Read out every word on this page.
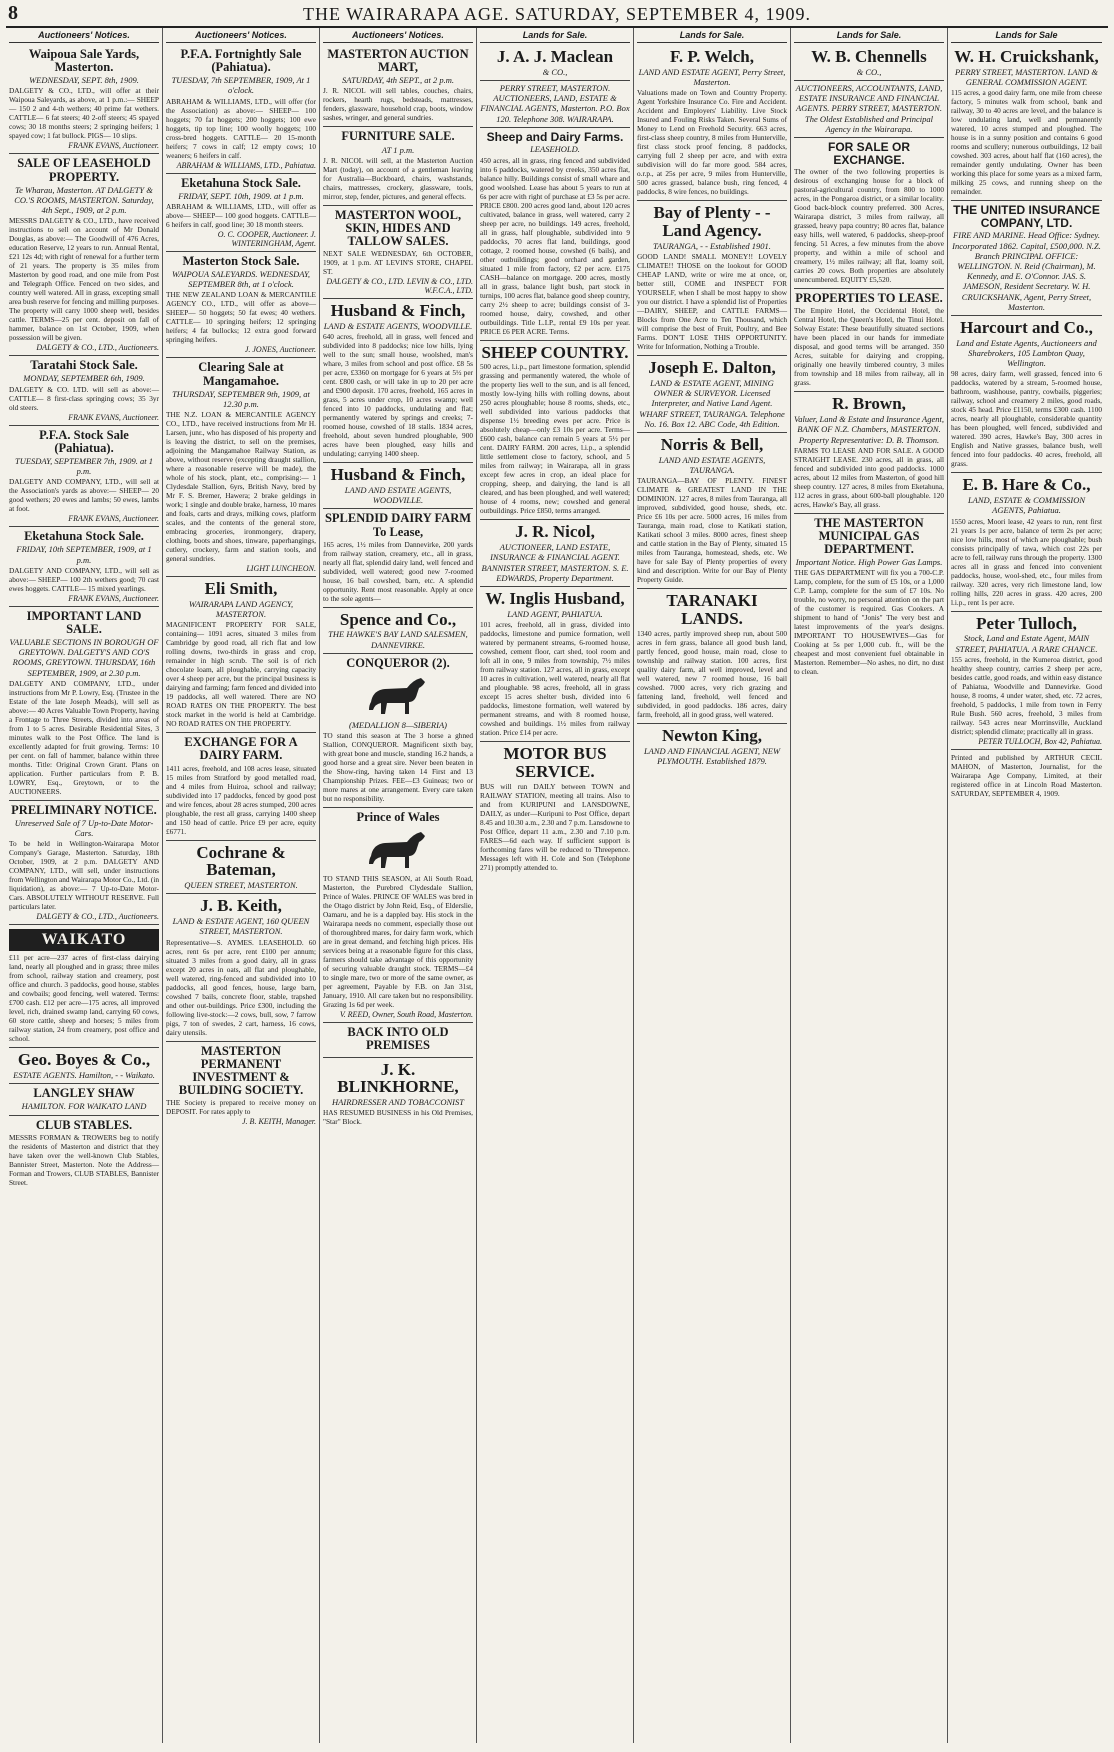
8	THE WAIRARAPA AGE. SATURDAY, SEPTEMBER 4, 1909.
Auctioneers' Notices.
Waipoua Sale Yards, Masterton.
WEDNESDAY, SEPT. 8th, 1909.
DALGETY & CO., LTD., will offer at their Waipoua Saleyards, as above, at 1 p.m.:— SHEEP— 150 2 and 4-th wethers; 40 prime fat wethers. CATTLE— 6 fat steers; 40 2-off steers; 45 spayed cows; 30 18 months steers; 2 springing heifers; 1 spayed cow; 1 fat bullock. PIGS— 10 slips.
FRANK EVANS, Auctioneer.
SALE OF LEASEHOLD PROPERTY.
Te Wharau, Masterton. AT DALGETY & CO.'S ROOMS, MASTERTON. Saturday, 4th Sept., 1909, at 2 p.m.
MESSRS DALGETY & CO., LTD., have received instructions to sell on account of Mr Donald Douglas, as above:— The Goodwill of 476 Acres, education Reserve, 12 years to run. Annual Rental, £21 12s 4d; with right of renewal for a further term of 21 years. The property is 35 miles from Masterton by good road, and one mile from Post and Telegraph Office. Fenced on two sides, and country well watered. All in grass, excepting small area bush reserve for fencing and milling purposes. The property will carry 1000 sheep well, besides cattle. TERMS—25 per cent. deposit on fall of hammer, balance on 1st October, 1909, when possession will be given.
DALGETY & CO., LTD., Auctioneers.
Taratahi Stock Sale.
MONDAY, SEPTEMBER 6th, 1909.
DALGETY & CO. LTD. will sell as above:— CATTLE— 8 first-class springing cows; 35 3yr old steers.
FRANK EVANS, Auctioneer.
P.F.A. Stock Sale (Pahiatua).
TUESDAY, SEPTEMBER 7th, 1909. at 1 p.m.
DALGETY AND COMPANY, LTD., will sell at the Association's yards as above:— SHEEP— 20 good wethers; 20 ewes and lambs; 50 ewes, lambs at foot.
FRANK EVANS, Auctioneer.
Eketahuna Stock Sale.
FRIDAY, 10th SEPTEMBER, 1909, at 1 p.m.
DALGETY AND COMPANY, LTD., will sell as above:— SHEEP— 100 2th wethers good; 70 cast ewes hoggets. CATTLE— 15 mixed yearlings.
FRANK EVANS, Auctioneer.
IMPORTANT LAND SALE.
VALUABLE SECTIONS IN BOROUGH OF GREYTOWN. DALGETY'S AND CO'S ROOMS, GREYTOWN. THURSDAY, 16th SEPTEMBER, 1909, at 2.30 p.m.
DALGETY AND COMPANY, LTD., under instructions from Mr P. Lowry, Esq. (Trustee in the Estate of the late Joseph Meads), will sell as above:— 40 Acres Valuable Town Property, having a Frontage to Three Streets, divided into areas of from 1 to 5 acres. Desirable Residential Sites, 3 minutes walk to the Post Office. The land is excellently adapted for fruit growing. Terms: 10 per cent. on fall of hammer, balance within three months. Title: Original Crown Grant. Plans on application. Further particulars from P. B. LOWRY, Esq., Greytown, or to the AUCTIONEERS.
PRELIMINARY NOTICE.
Unreserved Sale of 7 Up-to-Date Motor-Cars.
To be held in Wellington-Wairarapa Motor Company's Garage, Masterton. Saturday, 18th October, 1909, at 2 p.m. DALGETY AND COMPANY, LTD., will sell, under instructions from Wellington and Wairarapa Motor Co., Ltd. (in liquidation), as above:— 7 Up-to-Date Motor-Cars. ABSOLUTELY WITHOUT RESERVE. Full particulars later.
DALGETY & CO., LTD., Auctioneers.
WAIKATO
£11 per acre—237 acres of first-class dairying land, nearly all ploughed and in grass; three miles from school, railway station and creamery, post office and church. 3 paddocks, good house, stables and cowbails; good fencing, well watered. Terms: £700 cash. £12 per acre—175 acres, all improved level, rich, drained swamp land, carrying 60 cows, 60 store cattle, sheep and horses; 5 miles from railway station, 24 from creamery, post office and school.
Geo. Boyes & Co.,
ESTATE AGENTS. Hamilton, - - Waikato.
LANGLEY SHAW
HAMILTON. FOR WAIKATO LAND
CLUB STABLES.
MESSRS FORMAN & TROWERS beg to notify the residents of Masterton and district that they have taken over the well-known Club Stables, Bannister Street, Masterton. Note the Address— Forman and Trowers, CLUB STABLES, Bannister Street.
Auctioneers' Notices.
P.F.A. Fortnightly Sale (Pahiatua).
TUESDAY, 7th SEPTEMBER, 1909, At 1 o'clock.
ABRAHAM & WILLIAMS, LTD., will offer (for the Association) as above:— SHEEP— 100 hoggets; 70 fat hoggets; 200 hoggets; 100 ewe hoggets, tip top line; 100 woolly hoggets; 100 cross-bred hoggets. CATTLE— 20 15-month heifers; 7 cows in calf; 12 empty cows; 10 weaners; 6 heifers in calf.
ABRAHAM & WILLIAMS, LTD., Pahiatua.
Eketahuna Stock Sale.
FRIDAY, SEPT. 10th, 1909. at 1 p.m.
ABRAHAM & WILLIAMS, LTD., will offer as above— SHEEP— 100 good hoggets. CATTLE— 6 heifers in calf, good line; 30 18 month steers.
O. C. COOPER, Auctioneer. J. WINTERINGHAM, Agent.
Masterton Stock Sale.
WAIPOUA SALEYARDS. WEDNESDAY, SEPTEMBER 8th, at 1 o'clock.
THE NEW ZEALAND LOAN & MERCANTILE AGENCY CO., LTD., will offer as above— SHEEP— 50 hoggets; 50 fat ewes; 40 wethers. CATTLE— 10 springing heifers; 12 springing heifers; 4 fat bullocks; 12 extra good forward springing heifers.
J. JONES, Auctioneer.
Clearing Sale at Mangamahoe.
THURSDAY, SEPTEMBER 9th, 1909, at 12.30 p.m.
THE N.Z. LOAN & MERCANTILE AGENCY CO., LTD., have received instructions from Mr H. Larsen, junr., who has disposed of his property and is leaving the district, to sell on the premises, adjoining the Mangamahoe Railway Station, as above, without reserve (excepting draught stallion, where a reasonable reserve will be made), the whole of his stock, plant, etc., comprising:— 1 Clydesdale Stallion, 6yrs, British Navy, bred by Mr F. S. Bremer, Hawera; 2 brake geldings in work; 1 single and double brake, harness, 10 mares and foals, carts and drays, milking cows, platform scales, and the contents of the general store, embracing groceries, ironmongery, drapery, clothing, boots and shoes, tinware, paperhangings, cutlery, crockery, farm and station tools, and general sundries.
LIGHT LUNCHEON.
Eli Smith,
WAIRARAPA LAND AGENCY, MASTERTON.
MAGNIFICENT PROPERTY FOR SALE, containing— 1091 acres, situated 3 miles from Cambridge by good road, all rich flat and low rolling downs, two-thirds in grass and crop, remainder in high scrub. The soil is of rich chocolate loam, all ploughable, carrying capacity over 4 sheep per acre, but the principal business is dairying and farming; farm fenced and divided into 19 paddocks, all well watered. There are NO ROAD RATES ON THE PROPERTY. The best stock market in the world is held at Cambridge. NO ROAD RATES ON THE PROPERTY.
EXCHANGE FOR A DAIRY FARM.
1411 acres, freehold, and 108 acres lease, situated 15 miles from Stratford by good metalled road, and 4 miles from Huiroa, school and railway; subdivided into 17 paddocks, fenced by good post and wire fences, about 28 acres stumped, 200 acres ploughable, the rest all grass, carrying 1400 sheep and 150 head of cattle. Price £9 per acre, equity £6771.
Cochrane & Bateman,
QUEEN STREET, MASTERTON.
J. B. Keith,
LAND & ESTATE AGENT, 160 QUEEN STREET, MASTERTON.
Representative—S. AYMES. LEASEHOLD. 60 acres, rent 6s per acre, rent £100 per annum; situated 3 miles from a good dairy, all in grass except 20 acres in oats, all flat and ploughable, well watered, ring-fenced and subdivided into 10 paddocks, all good fences, house, large barn, cowshed 7 bails, concrete floor, stable, trapshed and other out-buildings. Price £300, including the following live-stock:—2 cows, bull, sow, 7 farrow pigs, 7 ton of swedes, 2 cart, harness, 16 cows, dairy utensils.
MASTERTON PERMANENT INVESTMENT & BUILDING SOCIETY.
THE Society is prepared to receive money on DEPOSIT. For rates apply to
J. B. KEITH, Manager.
Auctioneers' Notices.
MASTERTON AUCTION MART,
SATURDAY, 4th SEPT., at 2 p.m.
J. R. NICOL will sell tables, couches, chairs, rockers, hearth rugs, bedsteads, mattresses, fenders, glassware, household crap, boots, window sashes, wringer, and general sundries.
FURNITURE SALE.
AT 1 p.m.
J. R. NICOL will sell, at the Masterton Auction Mart (today), on account of a gentleman leaving for Australia—Buckboard, chairs, washstands, chairs, mattresses, crockery, glassware, tools, mirror, step, fender, pictures, and general effects.
MASTERTON WOOL, SKIN, HIDES AND TALLOW SALES.
NEXT SALE WEDNESDAY, 6th OCTOBER, 1909, at 1 p.m. AT LEVIN'S STORE, CHAPEL ST.
DALGETY & CO., LTD. LEVIN & CO., LTD. W.F.C.A., LTD.
Husband & Finch,
LAND & ESTATE AGENTS, WOODVILLE.
640 acres, freehold, all in grass, well fenced and subdivided into 8 paddocks; nice low hills, lying well to the sun; small house, woolshed, man's whare, 3 miles from school and post office. £8 5s per acre, £3360 on mortgage for 6 years at 5½ per cent. £800 cash, or will take in up to 20 per acre and £900 deposit. 170 acres, freehold, 165 acres in grass, 5 acres under crop, 10 acres swamp; well fenced into 10 paddocks, undulating and flat; permanently watered by springs and creeks; 7-roomed house, cowshed of 18 stalls. 1834 acres, freehold, about seven hundred ploughable, 900 acres have been ploughed, easy hills and undulating; carrying 1400 sheep.
Husband & Finch,
LAND AND ESTATE AGENTS, WOODVILLE.
SPLENDID DAIRY FARM To Lease,
165 acres, 1½ miles from Dannevirke, 200 yards from railway station, creamery, etc., all in grass, nearly all flat, splendid dairy land, well fenced and subdivided, well watered; good new 7-roomed house, 16 bail cowshed, barn, etc. A splendid opportunity. Rent most reasonable. Apply at once to the sole agents—
Spence and Co.,
THE HAWKE'S BAY LAND SALESMEN, DANNEVIRKE.
CONQUEROR (2).
(MEDALLION 8—SIBERIA)
TO stand this season at The 3 horse a ghned Stallion, CONQUEROR. Magnificent sixth bay, with great bone and muscle, standing 16.2 hands, a good horse and a great sire. Never been beaten in the Show-ring, having taken 14 First and 13 Championship Prizes. FEE—£3 Guineas; two or more mares at one arrangement. Every care taken but no responsibility.
Prince of Wales
TO STAND THIS SEASON, at Ali South Road, Masterton, the Purebred Clydesdale Stallion, Prince of Wales. PRINCE OF WALES was bred in the Otago district by John Reid, Esq., of Elderslie, Oamaru, and he is a dappled bay. His stock in the Wairarapa needs no comment, especially those out of thoroughbred mares, for dairy farm work, which are in great demand, and fetching high prices. His services being at a reasonable figure for this class, farmers should take advantage of this opportunity of securing valuable draught stock. TERMS—£4 to single mare, two or more of the same owner, as per agreement, Payable by F.B. on Jan 31st, January, 1910. All care taken but no responsibility. Grazing 1s 6d per week.
V. REED, Owner, South Road, Masterton.
BACK INTO OLD PREMISES
J. K. BLINKHORNE,
HAIRDRESSER AND TOBACCONIST
HAS RESUMED BUSINESS in his Old Premises, "Star" Block.
Lands for Sale.
J. A. J. Maclean
& CO.,
PERRY STREET, MASTERTON. AUCTIONEERS, LAND, ESTATE & FINANCIAL AGENTS, Masterton. P.O. Box 120. Telephone 308. WAIRARAPA.
Sheep and Dairy Farms.
LEASEHOLD.
450 acres, all in grass, ring fenced and subdivided into 6 paddocks, watered by creeks, 350 acres flat, balance hilly. Buildings consist of small whare and good woolshed. Lease has about 5 years to run at 6s per acre with right of purchase at £3 5s per acre. PRICE £800. 200 acres good land, about 120 acres cultivated, balance in grass, well watered, carry 2 sheep per acre, no buildings. 149 acres, freehold, all in grass, half ploughable, subdivided into 9 paddocks, 70 acres flat land, buildings, good cottage, 2 roomed house, cowshed (6 bails), and other outbuildings; good orchard and garden, situated 1 mile from factory, £2 per acre. £175 CASH—balance on mortgage. 200 acres, mostly all in grass, balance light bush, part stock in turnips, 100 acres flat, balance good sheep country, carry 2½ sheep to acre; buildings consist of 3-roomed house, dairy, cowshed, and other outbuildings. Title L.I.P., rental £9 10s per year. PRICE £6 PER ACRE. Terms.
SHEEP COUNTRY.
500 acres, l.i.p., part limestone formation, splendid grassing and permanently watered, the whole of the property lies well to the sun, and is all fenced, mostly low-lying hills with rolling downs, about 250 acres ploughable; house 8 rooms, sheds, etc., well subdivided into various paddocks that dispense 1½ breeding ewes per acre. Price is absolutely cheap—only £3 10s per acre. Terms—£600 cash, balance can remain 5 years at 5½ per cent. DAIRY FARM. 200 acres, l.i.p., a splendid little settlement close to factory, school, and 5 miles from railway; in Wairarapa, all in grass except few acres in crop, an ideal place for cropping, sheep, and dairying, the land is all cleared, and has been ploughed, and well watered; house of 4 rooms, new; cowshed and general outbuildings. Price £850, terms arranged.
J. R. Nicol,
AUCTIONEER, LAND ESTATE, INSURANCE & FINANCIAL AGENT. BANNISTER STREET, MASTERTON. S. E. EDWARDS, Property Department.
W. Inglis Husband,
LAND AGENT, PAHIATUA.
101 acres, freehold, all in grass, divided into paddocks, limestone and pumice formation, well watered by permanent streams, 6-roomed house, cowshed, cement floor, cart shed, tool room and loft all in one, 9 miles from township, 7½ miles from railway station. 127 acres, all in grass, except 10 acres in cultivation, well watered, nearly all flat and ploughable. 98 acres, freehold, all in grass except 15 acres shelter bush, divided into 6 paddocks, limestone formation, well watered by permanent streams, and with 8 roomed house, cowshed and buildings. 1½ miles from railway station. Price £14 per acre.
MOTOR BUS SERVICE.
BUS will run DAILY between TOWN and RAILWAY STATION, meeting all trains. Also to and from KURIPUNI and LANSDOWNE, DAILY, as under—Kuripuni to Post Office, depart 8.45 and 10.30 a.m., 2.30 and 7 p.m. Lansdowne to Post Office, depart 11 a.m., 2.30 and 7.10 p.m. FARES—6d each way. If sufficient support is forthcoming fares will be reduced to Threepence. Messages left with H. Cole and Son (Telephone 271) promptly attended to.
Lands for Sale.
F. P. Welch,
LAND AND ESTATE AGENT, Perry Street, Masterton.
Valuations made on Town and Country Property. Agent Yorkshire Insurance Co. Fire and Accident. Accident and Employers' Liability. Live Stock Insured and Fouling Risks Taken. Several Sums of Money to Lend on Freehold Security. 663 acres, first-class sheep country, 8 miles from Hunterville, first class stock proof fencing, 8 paddocks, carrying full 2 sheep per acre, and with extra subdivision will do far more good. 584 acres, o.r.p., at 25s per acre, 9 miles from Hunterville, 500 acres grassed, balance bush, ring fenced, 4 paddocks, 8 wire fences, no buildings.
Bay of Plenty - - Land Agency.
TAURANGA, - - Established 1901.
GOOD LAND! SMALL MONEY!! LOVELY CLIMATE!! THOSE on the lookout for GOOD CHEAP LAND, write or wire me at once, or, better still, COME and INSPECT FOR YOURSELF, when I shall be most happy to show you our district. I have a splendid list of Properties—DAIRY, SHEEP, and CATTLE FARMS—Blocks from One Acre to Ten Thousand, which will comprise the best of Fruit, Poultry, and Bee Farms. DON'T LOSE THIS OPPORTUNITY. Write for Information, Nothing a Trouble.
Joseph E. Dalton,
LAND & ESTATE AGENT, MINING OWNER & SURVEYOR. Licensed Interpreter, and Native Land Agent. WHARF STREET, TAURANGA. Telephone No. 16. Box 12. ABC Code, 4th Edition.
Norris & Bell,
LAND AND ESTATE AGENTS, TAURANGA.
TAURANGA—BAY OF PLENTY. FINEST CLIMATE & GREATEST LAND IN THE DOMINION. 127 acres, 8 miles from Tauranga, all improved, subdivided, good house, sheds, etc. Price £6 10s per acre. 5000 acres, 16 miles from Tauranga, main road, close to Katikati station, Katikati school 3 miles. 8000 acres, finest sheep and cattle station in the Bay of Plenty, situated 15 miles from Tauranga, homestead, sheds, etc. We have for sale Bay of Plenty properties of every kind and description. Write for our Bay of Plenty Property Guide.
TARANAKI LANDS.
1340 acres, partly improved sheep run, about 500 acres in fern grass, balance all good bush land, partly fenced, good house, main road, close to township and railway station. 100 acres, first quality dairy farm, all well improved, level and well watered, new 7 roomed house, 16 bail cowshed. 7000 acres, very rich grazing and fattening land, freehold, well fenced and subdivided, in good paddocks. 186 acres, dairy farm, freehold, all in good grass, well watered.
Newton King,
LAND AND FINANCIAL AGENT, NEW PLYMOUTH. Established 1879.
Lands for Sale.
W. B. Chennells
& CO.,
AUCTIONEERS, ACCOUNTANTS, LAND, ESTATE INSURANCE AND FINANCIAL AGENTS. PERRY STREET, MASTERTON. The Oldest Established and Principal Agency in the Wairarapa.
FOR SALE OR EXCHANGE.
The owner of the two following properties is desirous of exchanging house for a block of pastoral-agricultural country, from 800 to 1000 acres, in the Pongaroa district, or a similar locality. Good back-block country preferred. 300 Acres, Wairarapa district, 3 miles from railway, all grassed, heavy papa country; 80 acres flat, balance easy hills, well watered, 6 paddocks, sheep-proof fencing. 51 Acres, a few minutes from the above property, and within a mile of school and creamery, 1½ miles railway; all flat, loamy soil, carries 20 cows. Both properties are absolutely unencumbered. EQUITY £5,520.
PROPERTIES TO LEASE.
The Empire Hotel, the Occidental Hotel, the Central Hotel, the Queen's Hotel, the Tinui Hotel. Solway Estate: These beautifully situated sections have been placed in our hands for immediate disposal, and good terms will be arranged. 350 Acres, suitable for dairying and cropping, originally one heavily timbered country, 3 miles from township and 18 miles from railway, all in grass.
R. Brown,
Valuer, Land & Estate and Insurance Agent, BANK OF N.Z. Chambers, MASTERTON. Property Representative: D. B. Thomson.
FARMS TO LEASE AND FOR SALE. A GOOD STRAIGHT LEASE. 230 acres, all in grass, all fenced and subdivided into good paddocks. 1000 acres, about 12 miles from Masterton, of good hill sheep country. 127 acres, 8 miles from Eketahuna, 112 acres in grass, about 600-ball ploughable. 120 acres, Hawke's Bay, all grass.
THE MASTERTON MUNICIPAL GAS DEPARTMENT.
Important Notice. High Power Gas Lamps.
THE GAS DEPARTMENT will fix you a 700-C.P. Lamp, complete, for the sum of £5 10s, or a 1,000 C.P. Lamp, complete for the sum of £7 10s. No trouble, no worry, no personal attention on the part of the customer is required. Gas Cookers. A shipment to hand of "Jonis" The very best and latest improvements of the year's designs. IMPORTANT TO HOUSEWIVES—Gas for Cooking at 5s per 1,000 cub. ft., will be the cheapest and most convenient fuel obtainable in Masterton. Remember—No ashes, no dirt, no dust to clean.
Lands for Sale
W. H. Cruickshank,
PERRY STREET, MASTERTON. LAND & GENERAL COMMISSION AGENT.
115 acres, a good dairy farm, one mile from cheese factory, 5 minutes walk from school, bank and railway, 30 to 40 acres are level, and the balance is low undulating land, well and permanently watered, 10 acres stumped and ploughed. The house is in a sunny position and contains 6 good rooms and scullery; nunerous outbuildings, 12 bail cowshed. 303 acres, about half flat (160 acres), the remainder gently undulating. Owner has been working this place for some years as a mixed farm, milking 25 cows, and running sheep on the remainder.
THE UNITED INSURANCE COMPANY, LTD.
FIRE AND MARINE. Head Office: Sydney. Incorporated 1862. Capital, £500,000. N.Z. Branch PRINCIPAL OFFICE: WELLINGTON. N. Reid (Chairman), M. Kennedy, and E. O'Connor. JAS. S. JAMESON, Resident Secretary. W. H. CRUICKSHANK, Agent, Perry Street, Masterton.
Harcourt and Co.,
Land and Estate Agents, Auctioneers and Sharebrokers, 105 Lambton Quay, Wellington.
98 acres, dairy farm, well grassed, fenced into 6 paddocks, watered by a stream, 5-roomed house, bathroom, washhouse, pantry, cowbails, piggeries; railway, school and creamery 2 miles, good roads, stock 45 head. Price £1150, terms £300 cash. 1100 acres, nearly all ploughable, considerable quantity has been ploughed, well fenced, subdivided and watered. 390 acres, Hawke's Bay, 300 acres in English and Native grasses, balance bush, well fenced into four paddocks. 40 acres, freehold, all grass.
E. B. Hare & Co.,
LAND, ESTATE & COMMISSION AGENTS, Pahiatua.
1550 acres, Moori lease, 42 years to run, rent first 21 years 1s per acre, balance of term 2s per acre; nice low hills, most of which are ploughable; bush consists principally of tawa, which cost 22s per acre to fell, railway runs through the property. 1300 acres all in grass and fenced into convenient paddocks, house, wool-shed, etc., four miles from railway. 320 acres, very rich limestone land, low rolling hills, 220 acres in grass. 420 acres, 200 l.i.p., rent 1s per acre.
Peter Tulloch,
Stock, Land and Estate Agent, MAIN STREET, PAHIATUA. A RARE CHANCE.
155 acres, freehold, in the Kumeroa district, good healthy sheep country, carries 2 sheep per acre, besides cattle, good roads, and within easy distance of Pahiatua, Woodville and Dannevirke. Good house, 8 rooms, 4 under water, shed, etc. 72 acres, freehold, 5 paddocks, 1 mile from town in Ferry Rule Bush. 560 acres, freehold, 3 miles from railway. 543 acres near Morrinsville, Auckland district; splendid climate; practically all in grass.
PETER TULLOCH, Box 42, Pahiatua.
Printed and published by ARTHUR CECIL MAHON, of Masterton, Journalist, for the Wairarapa Age Company, Limited, at their registered office in at Lincoln Road Masterton. SATURDAY, SEPTEMBER 4, 1909.
